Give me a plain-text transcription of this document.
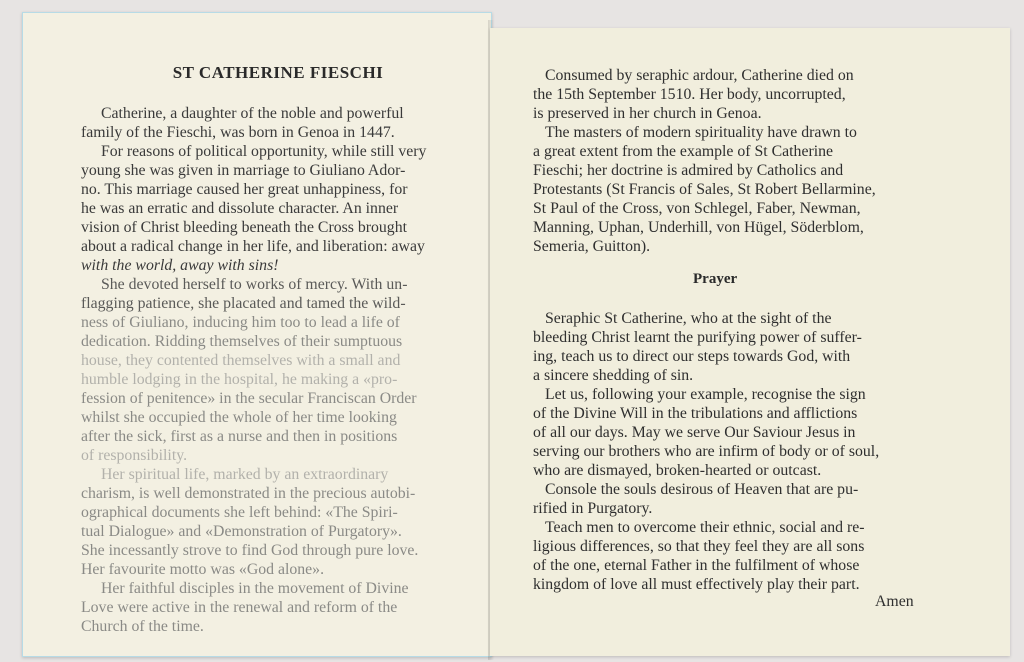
ST CATHERINE FIESCHI
Catherine, a daughter of the noble and powerful
family of the Fieschi, was born in Genoa in 1447.
For reasons of political opportunity, while still very
young she was given in marriage to Giuliano Ador-
no. This marriage caused her great unhappiness, for
he was an erratic and dissolute character. An inner
vision of Christ bleeding beneath the Cross brought
about a radical change in her life, and liberation: away
with the world, away with sins!
She devoted herself to works of mercy. With un-
flagging patience, she placated and tamed the wild-
ness of Giuliano, inducing him too to lead a life of
dedication. Ridding themselves of their sumptuous
house, they contented themselves with a small and
humble lodging in the hospital, he making a «pro-
fession of penitence» in the secular Franciscan Order
whilst she occupied the whole of her time looking
after the sick, first as a nurse and then in positions
of responsibility.
Her spiritual life, marked by an extraordinary
charism, is well demonstrated in the precious autobi-
ographical documents she left behind: «The Spiri-
tual Dialogue» and «Demonstration of Purgatory».
She incessantly strove to find God through pure love.
Her favourite motto was «God alone».
Her faithful disciples in the movement of Divine
Love were active in the renewal and reform of the
Church of the time.
Consumed by seraphic ardour, Catherine died on
the 15th September 1510. Her body, uncorrupted,
is preserved in her church in Genoa.
The masters of modern spirituality have drawn to
a great extent from the example of St Catherine
Fieschi; her doctrine is admired by Catholics and
Protestants (St Francis of Sales, St Robert Bellarmine,
St Paul of the Cross, von Schlegel, Faber, Newman,
Manning, Uphan, Underhill, von Hügel, Söderblom,
Semeria, Guitton).
Prayer
Seraphic St Catherine, who at the sight of the
bleeding Christ learnt the purifying power of suffer-
ing, teach us to direct our steps towards God, with
a sincere shedding of sin.
Let us, following your example, recognise the sign
of the Divine Will in the tribulations and afflictions
of all our days. May we serve Our Saviour Jesus in
serving our brothers who are infirm of body or of soul,
who are dismayed, broken-hearted or outcast.
Console the souls desirous of Heaven that are pu-
rified in Purgatory.
Teach men to overcome their ethnic, social and re-
ligious differences, so that they feel they are all sons
of the one, eternal Father in the fulfilment of whose
kingdom of love all must effectively play their part.
Amen
